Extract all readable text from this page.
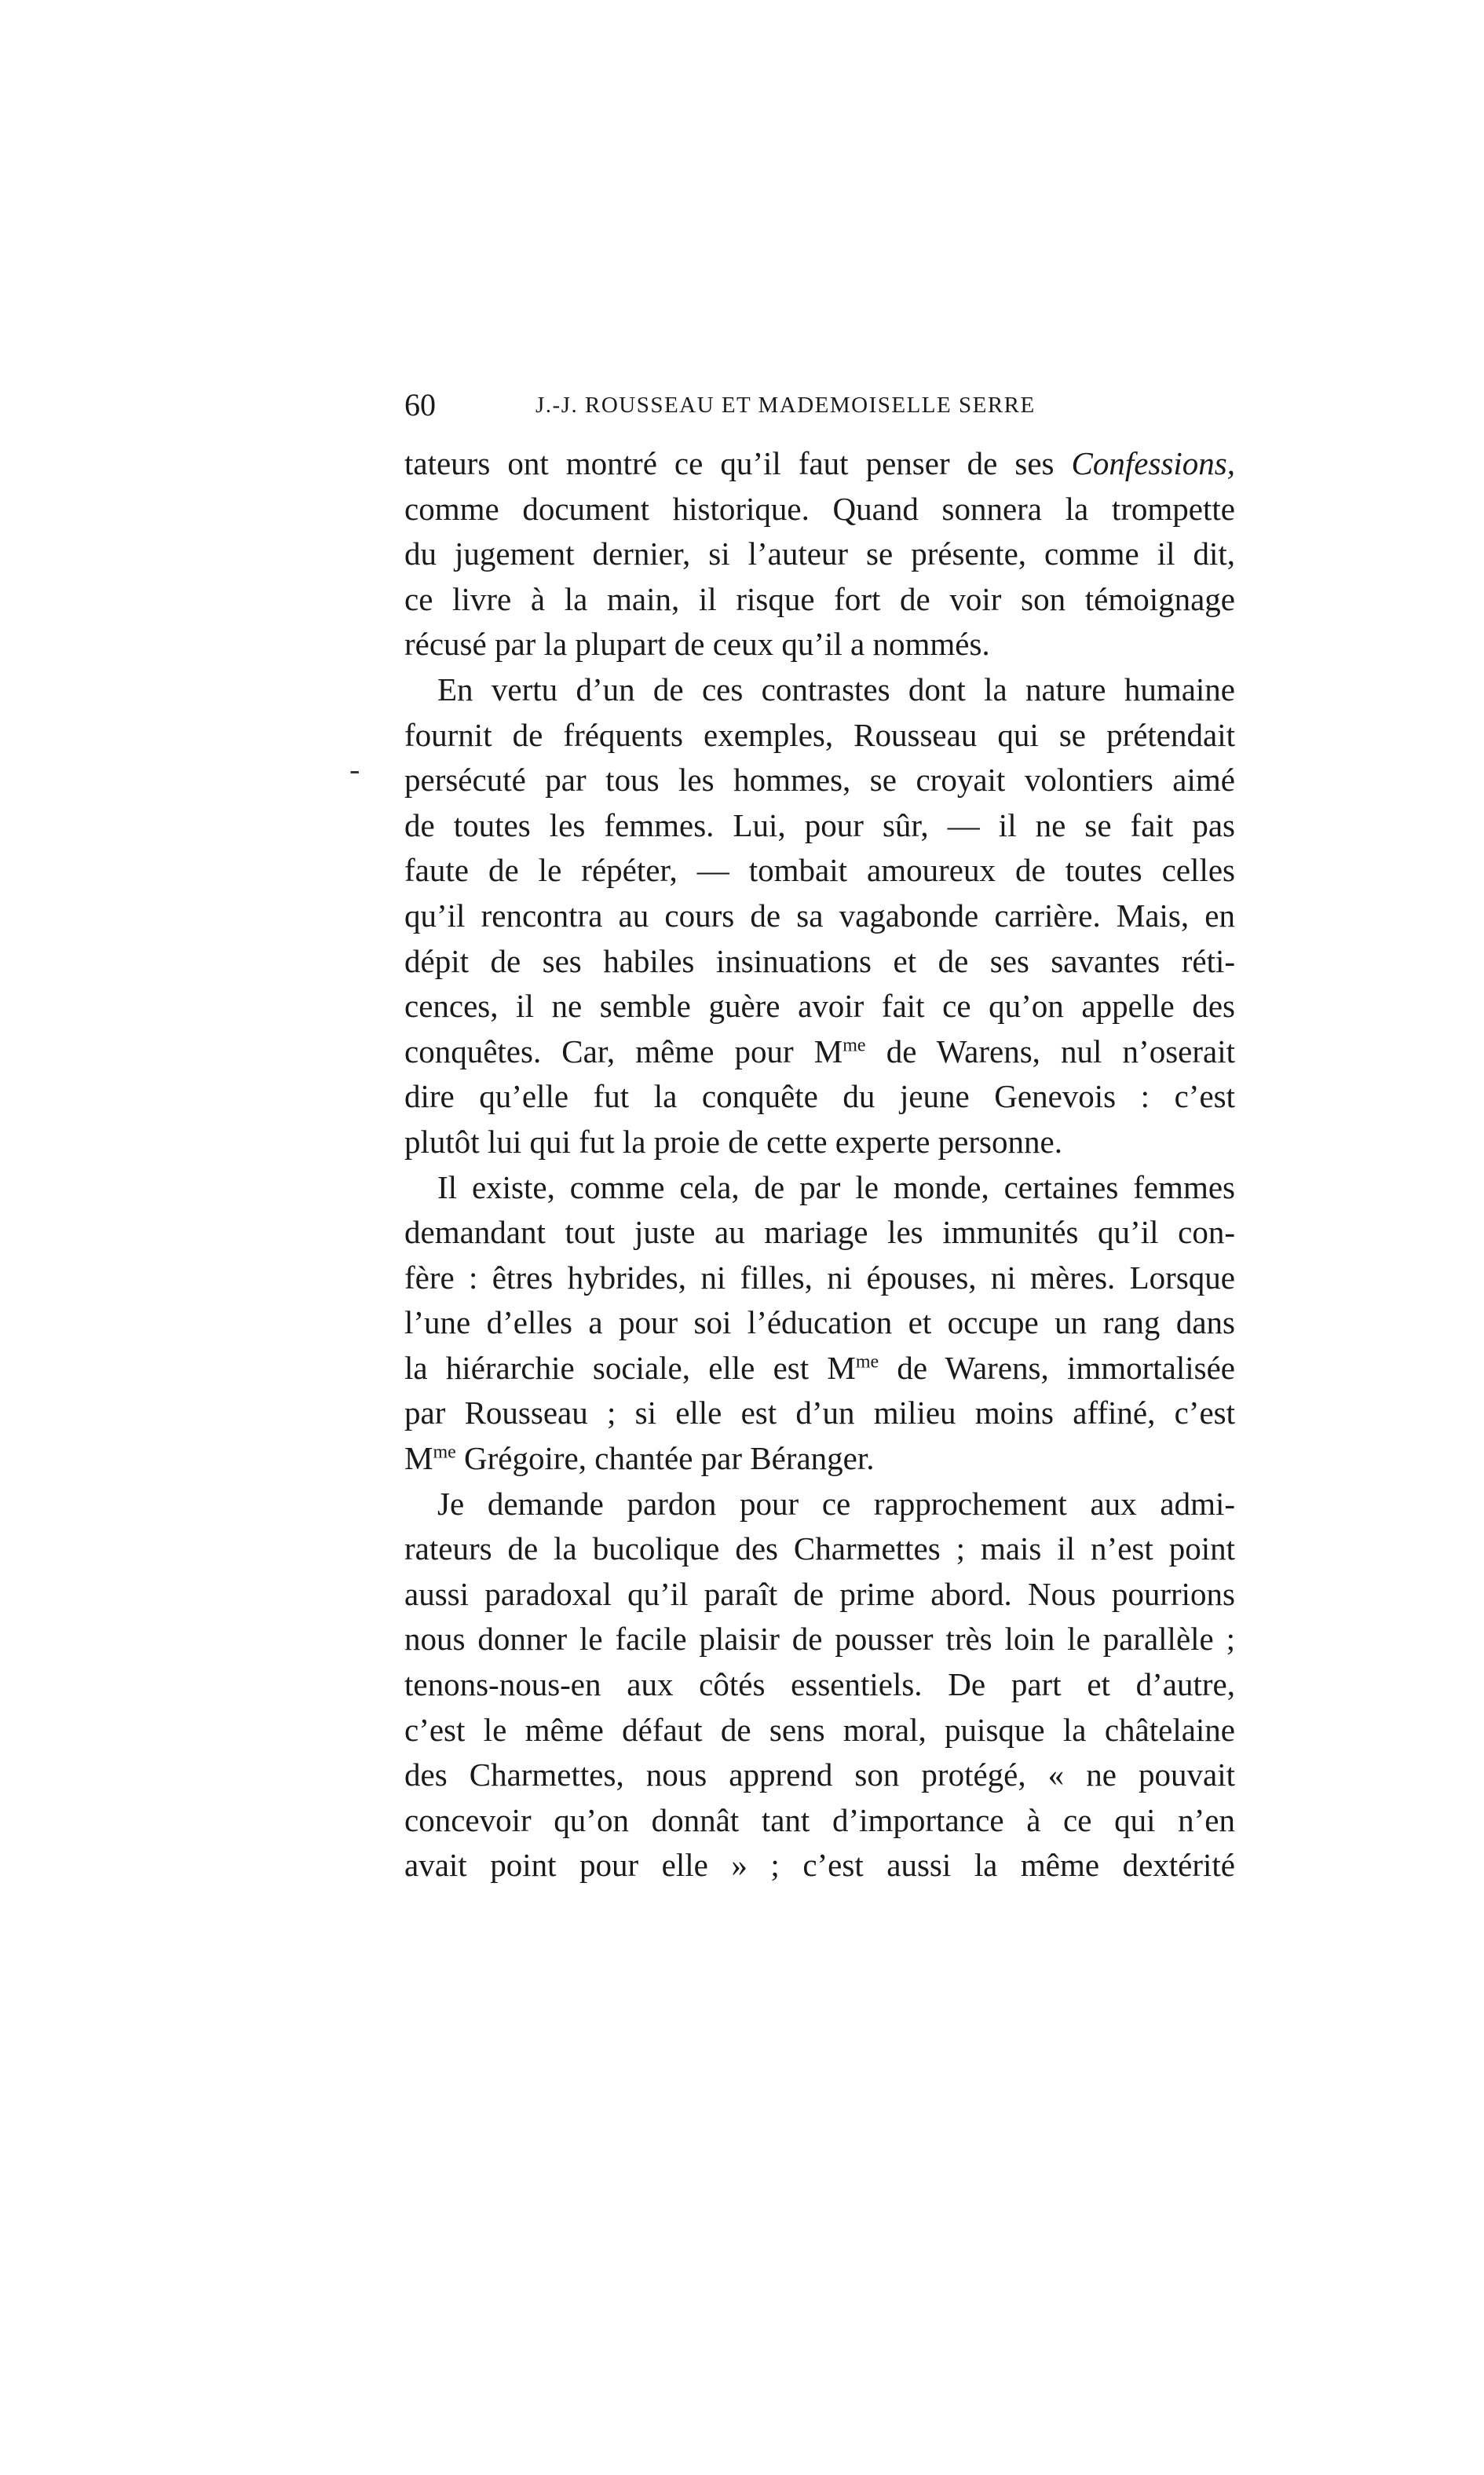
60	J.-J. ROUSSEAU ET MADEMOISELLE SERRE
-
tateurs ont montré ce qu’il faut penser de ses Confessions,
comme document historique. Quand sonnera la trompette
du jugement dernier, si l’auteur se présente, comme il dit,
ce livre à la main, il risque fort de voir son témoignage
récusé par la plupart de ceux qu’il a nommés.
En vertu d’un de ces contrastes dont la nature humaine
fournit de fréquents exemples, Rousseau qui se prétendait
persécuté par tous les hommes, se croyait volontiers aimé
de toutes les femmes. Lui, pour sûr, — il ne se fait pas
faute de le répéter, — tombait amoureux de toutes celles
qu’il rencontra au cours de sa vagabonde carrière. Mais, en
dépit de ses habiles insinuations et de ses savantes réti-
cences, il ne semble guère avoir fait ce qu’on appelle des
conquêtes. Car, même pour $M^{me}$ de Warens, nul n’oserait
dire qu’elle fut la conquête du jeune Genevois : c’est
plutôt lui qui fut la proie de cette experte personne.
Il existe, comme cela, de par le monde, certaines femmes
demandant tout juste au mariage les immunités qu’il con-
fère : êtres hybrides, ni filles, ni épouses, ni mères. Lorsque
l’une d’elles a pour soi l’éducation et occupe un rang dans
la hiérarchie sociale, elle est $M^{me}$ de Warens, immortalisée
par Rousseau ; si elle est d’un milieu moins affiné, c’est
$M^{me}$ Grégoire, chantée par Béranger.
Je demande pardon pour ce rapprochement aux admi-
rateurs de la bucolique des Charmettes ; mais il n’est point
aussi paradoxal qu’il paraît de prime abord. Nous pourrions
nous donner le facile plaisir de pousser très loin le parallèle ;
tenons-nous-en aux côtés essentiels. De part et d’autre,
c’est le même défaut de sens moral, puisque la châtelaine
des Charmettes, nous apprend son protégé, « ne pouvait
concevoir qu’on donnât tant d’importance à ce qui n’en
avait point pour elle » ; c’est aussi la même dextérité
